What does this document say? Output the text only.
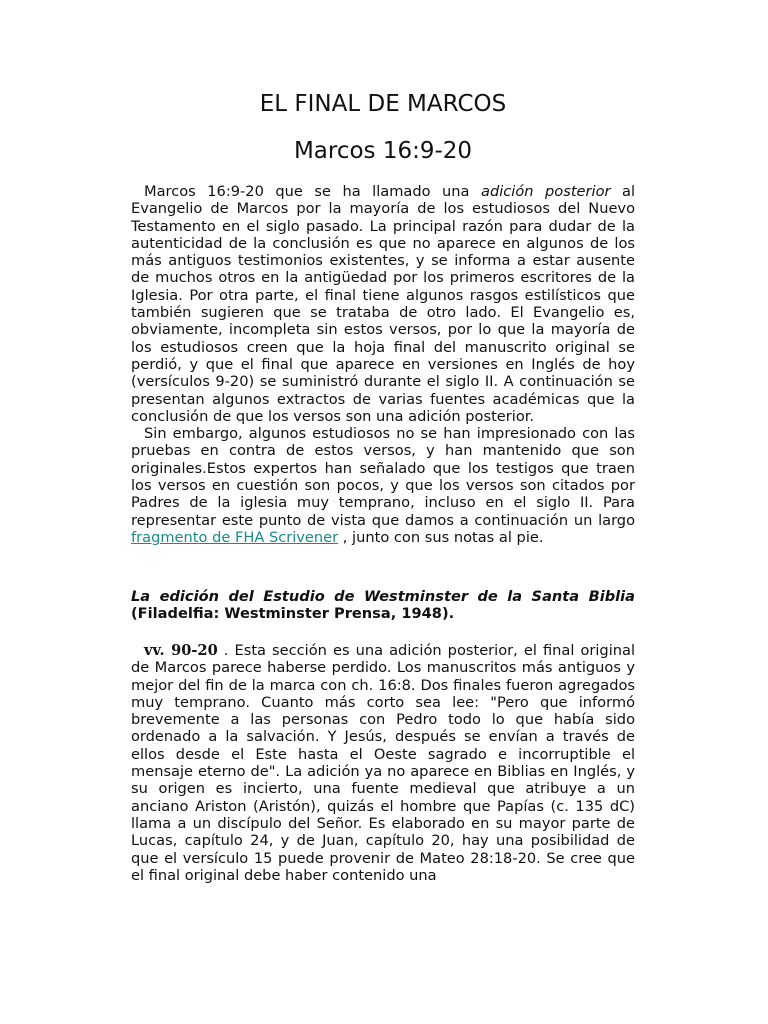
EL FINAL DE MARCOS
Marcos 16:9-20

Marcos 16:9-20 que se ha llamado una adición posterior al Evangelio de Marcos por la mayoría de los estudiosos del Nuevo Testamento en el siglo pasado. La principal razón para dudar de la autenticidad de la conclusión es que no aparece en algunos de los más antiguos testimonios existentes, y se informa a estar ausente de muchos otros en la antigüedad por los primeros escritores de la Iglesia. Por otra parte, el final tiene algunos rasgos estilísticos que también sugieren que se trataba de otro lado. El Evangelio es, obviamente, incompleta sin estos versos, por lo que la mayoría de los estudiosos creen que la hoja final del manuscrito original se perdió, y que el final que aparece en versiones en Inglés de hoy (versículos 9-20) se suministró durante el siglo II. A continuación se presentan algunos extractos de varias fuentes académicas que la conclusión de que los versos son una adición posterior.

Sin embargo, algunos estudiosos no se han impresionado con las pruebas en contra de estos versos, y han mantenido que son originales.Estos expertos han señalado que los testigos que traen los versos en cuestión son pocos, y que los versos son citados por Padres de la iglesia muy temprano, incluso en el siglo II. Para representar este punto de vista que damos a continuación un largo fragmento de FHA Scrivener , junto con sus notas al pie.

La edición del Estudio de Westminster de la Santa Biblia (Filadelfia: Westminster Prensa, 1948).

vv. 90-20 . Esta sección es una adición posterior, el final original de Marcos parece haberse perdido. Los manuscritos más antiguos y mejor del fin de la marca con ch. 16:8. Dos finales fueron agregados muy temprano. Cuanto más corto sea lee: "Pero que informó brevemente a las personas con Pedro todo lo que había sido ordenado a la salvación. Y Jesús, después se envían a través de ellos desde el Este hasta el Oeste sagrado e incorruptible el mensaje eterno de". La adición ya no aparece en Biblias en Inglés, y su origen es incierto, una fuente medieval que atribuye a un anciano Ariston (Aristón), quizás el hombre que Papías (c. 135 dC) llama a un discípulo del Señor. Es elaborado en su mayor parte de Lucas, capítulo 24, y de Juan, capítulo 20, hay una posibilidad de que el versículo 15 puede provenir de Mateo 28:18-20. Se cree que el final original debe haber contenido una
